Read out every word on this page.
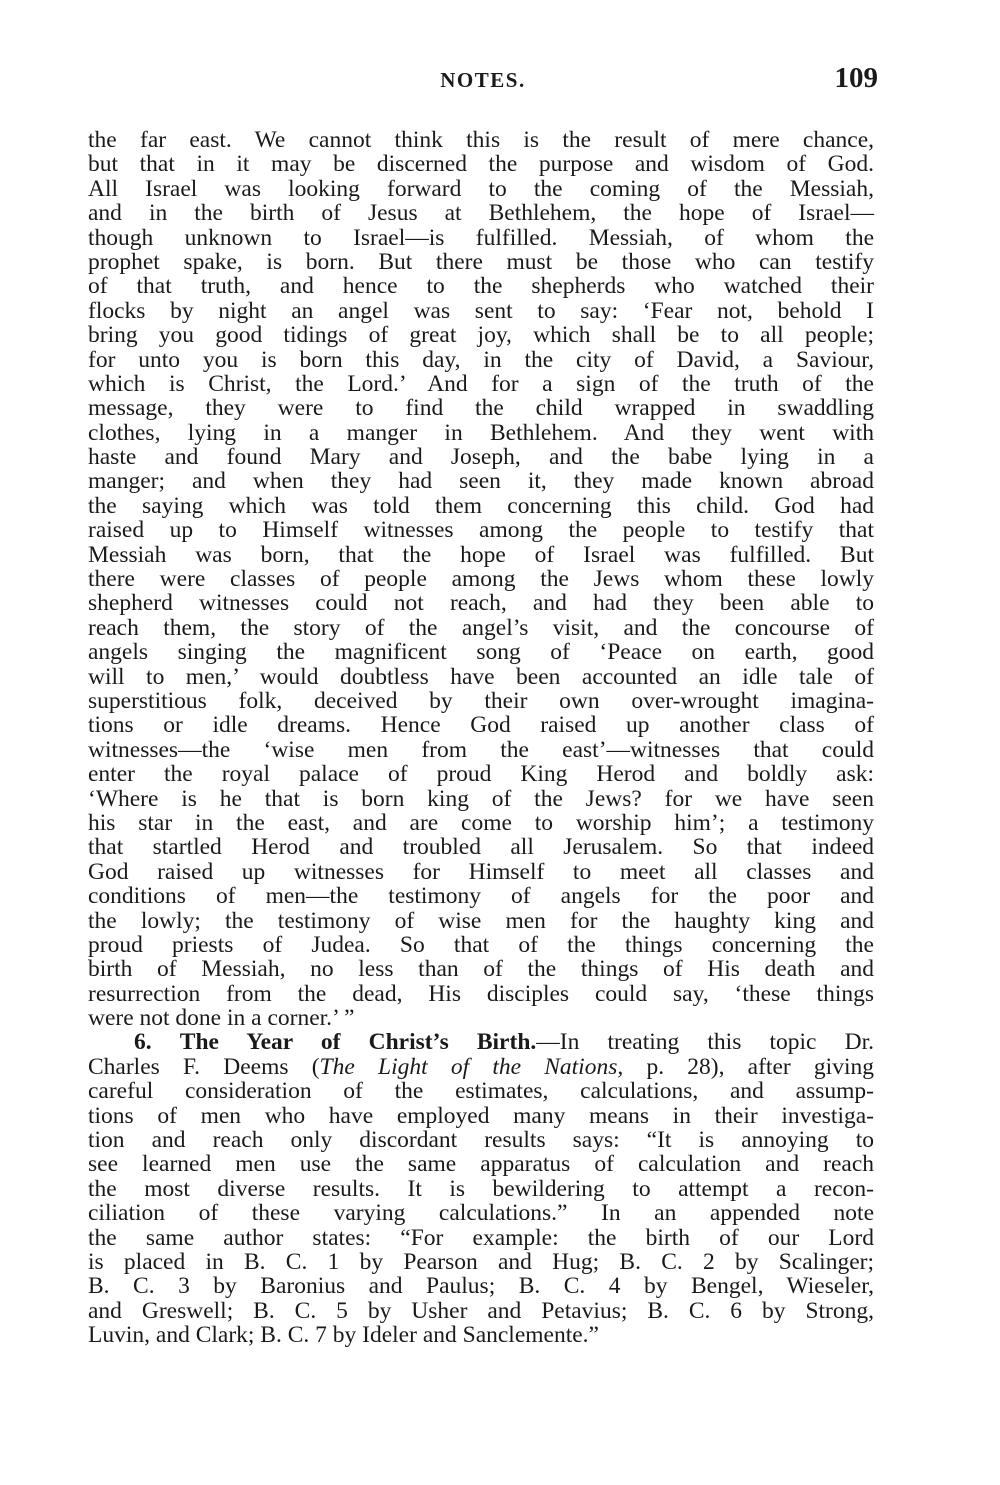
NOTES.	109
the far east. We cannot think this is the result of mere chance,
but that in it may be discerned the purpose and wisdom of God.
All Israel was looking forward to the coming of the Messiah,
and in the birth of Jesus at Bethlehem, the hope of Israel—
though unknown to Israel—is fulfilled. Messiah, of whom the
prophet spake, is born. But there must be those who can testify
of that truth, and hence to the shepherds who watched their
flocks by night an angel was sent to say: ‘Fear not, behold I
bring you good tidings of great joy, which shall be to all people;
for unto you is born this day, in the city of David, a Saviour,
which is Christ, the Lord.’ And for a sign of the truth of the
message, they were to find the child wrapped in swaddling
clothes, lying in a manger in Bethlehem. And they went with
haste and found Mary and Joseph, and the babe lying in a
manger; and when they had seen it, they made known abroad
the saying which was told them concerning this child. God had
raised up to Himself witnesses among the people to testify that
Messiah was born, that the hope of Israel was fulfilled. But
there were classes of people among the Jews whom these lowly
shepherd witnesses could not reach, and had they been able to
reach them, the story of the angel’s visit, and the concourse of
angels singing the magnificent song of ‘Peace on earth, good
will to men,’ would doubtless have been accounted an idle tale of
superstitious folk, deceived by their own over-wrought imagina-
tions or idle dreams. Hence God raised up another class of
witnesses—the ‘wise men from the east’—witnesses that could
enter the royal palace of proud King Herod and boldly ask:
‘Where is he that is born king of the Jews? for we have seen
his star in the east, and are come to worship him’; a testimony
that startled Herod and troubled all Jerusalem. So that indeed
God raised up witnesses for Himself to meet all classes and
conditions of men—the testimony of angels for the poor and
the lowly; the testimony of wise men for the haughty king and
proud priests of Judea. So that of the things concerning the
birth of Messiah, no less than of the things of His death and
resurrection from the dead, His disciples could say, ‘these things
were not done in a corner.’ ”
6. The Year of Christ’s Birth.—In treating this topic Dr.
Charles F. Deems (The Light of the Nations, p. 28), after giving
careful consideration of the estimates, calculations, and assump-
tions of men who have employed many means in their investiga-
tion and reach only discordant results says: “It is annoying to
see learned men use the same apparatus of calculation and reach
the most diverse results. It is bewildering to attempt a recon-
ciliation of these varying calculations.” In an appended note
the same author states: “For example: the birth of our Lord
is placed in B. C. 1 by Pearson and Hug; B. C. 2 by Scalinger;
B. C. 3 by Baronius and Paulus; B. C. 4 by Bengel, Wieseler,
and Greswell; B. C. 5 by Usher and Petavius; B. C. 6 by Strong,
Luvin, and Clark; B. C. 7 by Ideler and Sanclemente.”
